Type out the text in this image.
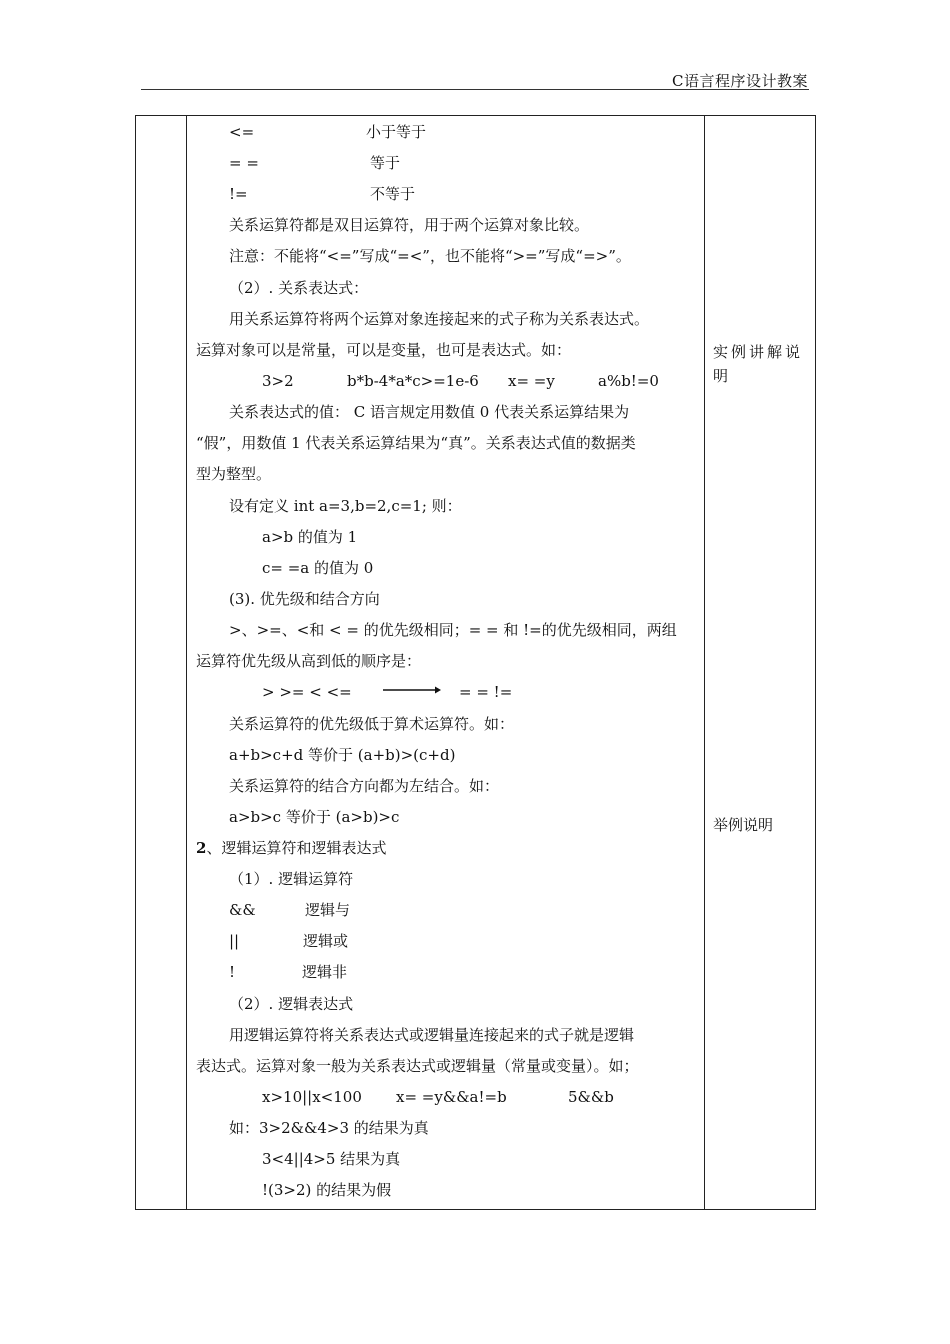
C语言程序设计教案
<=	小于等于
= =	等于
!=	不等于
关系运算符都是双目运算符，用于两个运算对象比较。
注意：不能将“<=”写成“=<”，也不能将“>=”写成“=>”。
（2）. 关系表达式：
用关系运算符将两个运算对象连接起来的式子称为关系表达式。
运算对象可以是常量，可以是变量，也可是表达式。如：
3>2	b*b-4*a*c>=1e-6 x= =y	a%b!=0
关系表达式的值： C 语言规定用数值 0 代表关系运算结果为
“假”，用数值 1 代表关系运算结果为“真”。关系表达式值的数据类
型为整型。
设有定义 int a=3,b=2,c=1; 则：
a>b 的值为 1
c= =a 的值为 0
(3). 优先级和结合方向
>、>=、<和 < = 的优先级相同；= = 和 !=的优先级相同，两组
运算符优先级从高到低的顺序是：
> >= < <=	= = !=
关系运算符的优先级低于算术运算符。如：
a+b>c+d 等价于 (a+b)>(c+d)
关系运算符的结合方向都为左结合。如：
a>b>c 等价于 (a>b)>c
2、逻辑运算符和逻辑表达式
（1）. 逻辑运算符
&&	逻辑与
||	逻辑或
!	逻辑非
（2）. 逻辑表达式
用逻辑运算符将关系表达式或逻辑量连接起来的式子就是逻辑
表达式。运算对象一般为关系表达式或逻辑量（常量或变量）。如；
x>10||x<100 x= =y&&a!=b	5&&b
如：3>2&&4>3 的结果为真
3<4||4>5 结果为真
!(3>2) 的结果为假
实例讲解说
明
举例说明
